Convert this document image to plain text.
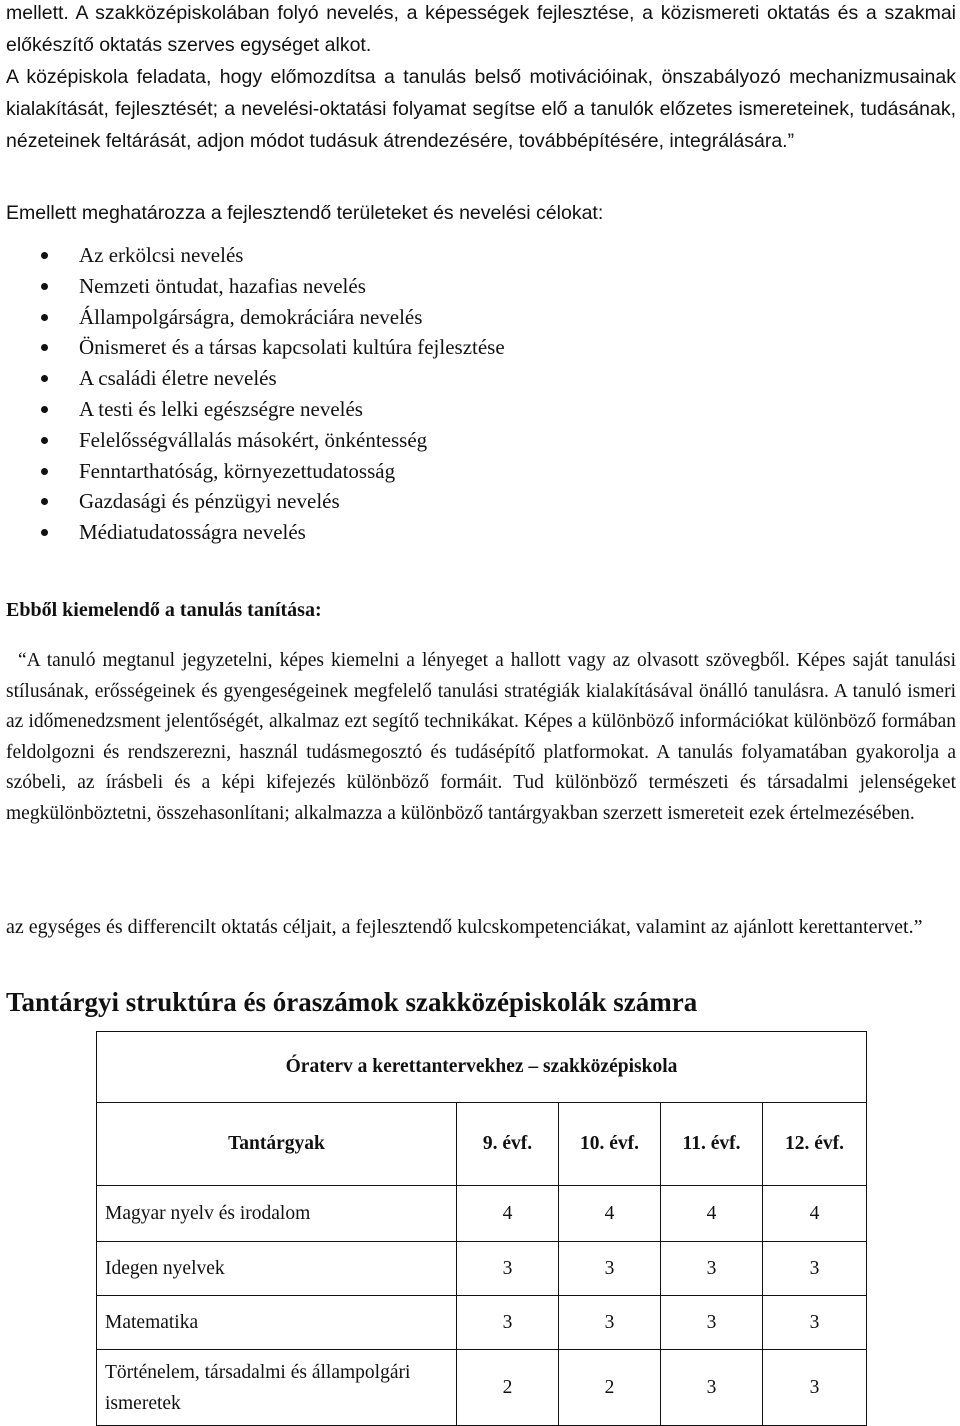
mellett. A szakközépiskolában folyó nevelés, a képességek fejlesztése, a közismereti oktatás és a szakmai előkészítő oktatás szerves egységet alkot.

A középiskola feladata, hogy előmozdítsa a tanulás belső motivációinak, önszabályozó mechanizmusainak kialakítását, fejlesztését; a nevelési-oktatási folyamat segítse elő a tanulók előzetes ismereteinek, tudásának, nézeteinek feltárását, adjon módot tudásuk átrendezésére, továbbépítésére, integrálására.”

Emellett meghatározza a fejlesztendő területeket és nevelési célokat:

Az erkölcsi nevelés
Nemzeti öntudat, hazafias nevelés
Állampolgárságra, demokráciára nevelés
Önismeret és a társas kapcsolati kultúra fejlesztése
A családi életre nevelés
A testi és lelki egészségre nevelés
Felelősségvállalás másokért, önkéntesség
Fenntarthatóság, környezettudatosság
Gazdasági és pénzügyi nevelés
Médiatudatosságra nevelés

Ebből kiemelendő a tanulás tanítása:

“A tanuló megtanul jegyzetelni, képes kiemelni a lényeget a hallott vagy az olvasott szövegből. Képes saját tanulási stílusának, erősségeinek és gyengeségeinek megfelelő tanulási stratégiák kialakításával önálló tanulásra. A tanuló ismeri az időmenedzsment jelentőségét, alkalmaz ezt segítő technikákat. Képes a különböző információkat különböző formában feldolgozni és rendszerezni, használ tudásmegosztó és tudásépítő platformokat. A tanulás folyamatában gyakorolja a szóbeli, az írásbeli és a képi kifejezés különböző formáit. Tud különböző természeti és társadalmi jelenségeket megkülönböztetni, összehasonlítani; alkalmazza a különböző tantárgyakban szerzett ismereteit ezek értelmezésében.

az egységes és differencilt oktatás céljait, a fejlesztendő kulcskompetenciákat, valamint az ajánlott kerettantervet.”

Tantárgyi struktúra és óraszámok szakközépiskolák számra
Óraterv a kerettantervekhez – szakközépiskola				
Tantárgyak	9. évf.	10. évf.	11. évf.	12. évf.
Magyar nyelv és irodalom	4	4	4	4
Idegen nyelvek	3	3	3	3
Matematika	3	3	3	3
Történelem, társadalmi és állampolgári ismeretek	2	2	3	3
